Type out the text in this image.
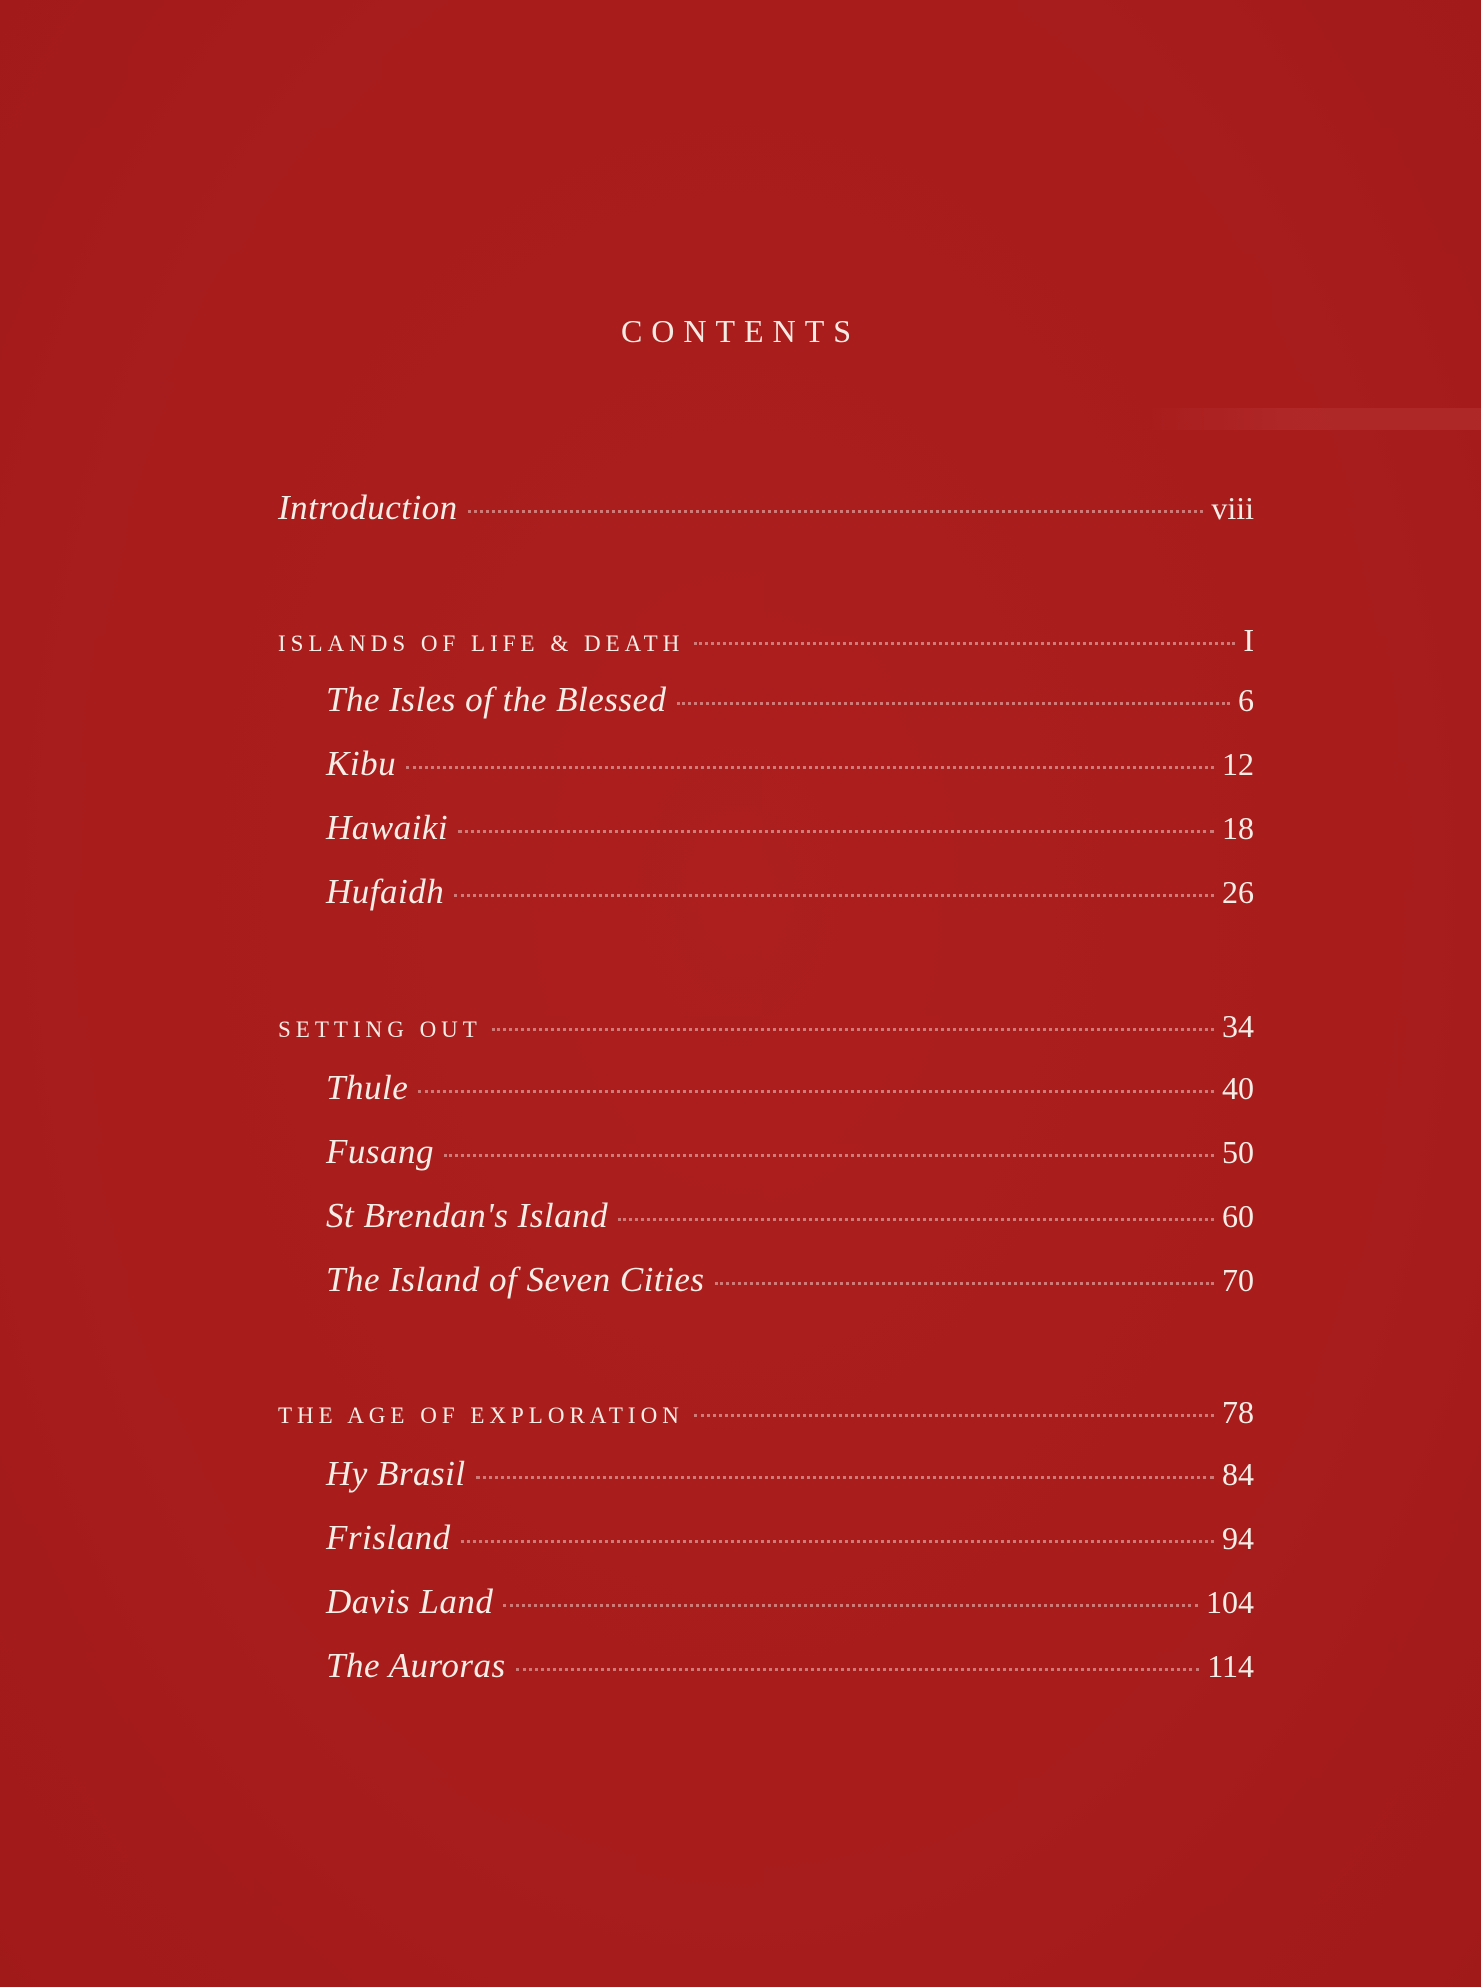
CONTENTS
Introduction	viii
ISLANDS OF LIFE & DEATH	I
The Isles of the Blessed	6
Kibu	12
Hawaiki	18
Hufaidh	26
SETTING OUT	34
Thule	40
Fusang	50
St Brendan's Island	60
The Island of Seven Cities	70
THE AGE OF EXPLORATION	78
Hy Brasil	84
Frisland	94
Davis Land	104
The Auroras	114
